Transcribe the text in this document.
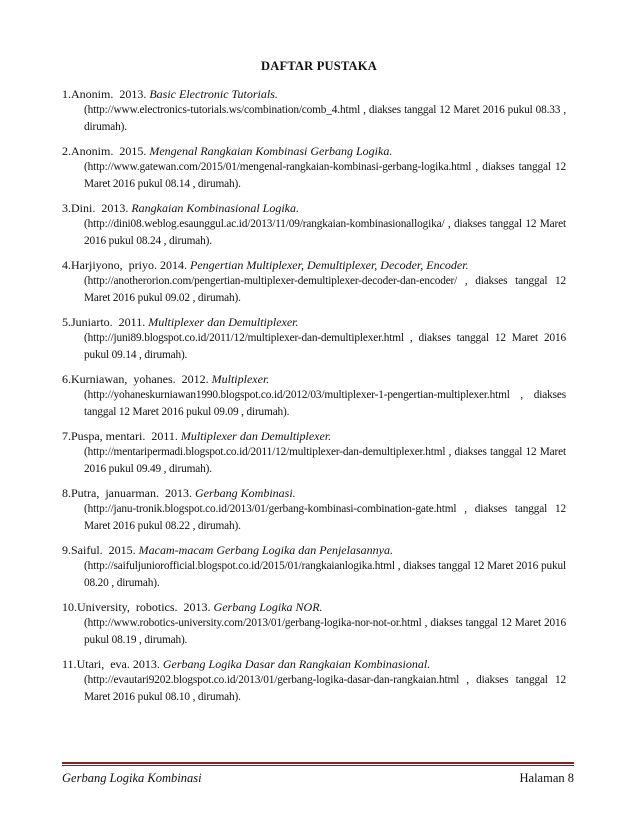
DAFTAR PUSTAKA
1.Anonim.  2013. Basic Electronic Tutorials.
(http://www.electronics-tutorials.ws/combination/comb_4.html , diakses tanggal 12 Maret 2016 pukul 08.33 , dirumah).
2.Anonim.  2015. Mengenal Rangkaian Kombinasi Gerbang Logika.
(http://www.gatewan.com/2015/01/mengenal-rangkaian-kombinasi-gerbang-logika.html , diakses tanggal 12 Maret 2016 pukul 08.14 , dirumah).
3.Dini.  2013. Rangkaian Kombinasional Logika.
(http://dini08.weblog.esaunggul.ac.id/2013/11/09/rangkaian-kombinasionallogika/ , diakses tanggal 12 Maret 2016 pukul 08.24 , dirumah).
4.Harjiyono,  priyo. 2014. Pengertian Multiplexer, Demultiplexer, Decoder, Encoder.
(http://anotherorion.com/pengertian-multiplexer-demultiplexer-decoder-dan-encoder/ , diakses tanggal 12 Maret 2016 pukul 09.02 , dirumah).
5.Juniarto.  2011. Multiplexer dan Demultiplexer.
(http://juni89.blogspot.co.id/2011/12/multiplexer-dan-demultiplexer.html , diakses tanggal 12 Maret 2016 pukul 09.14 , dirumah).
6.Kurniawan,  yohanes.  2012. Multiplexer.
(http://yohaneskurniawan1990.blogspot.co.id/2012/03/multiplexer-1-pengertian-multiplexer.html , diakses tanggal 12 Maret 2016 pukul 09.09 , dirumah).
7.Puspa, mentari.  2011. Multiplexer dan Demultiplexer.
(http://mentaripermadi.blogspot.co.id/2011/12/multiplexer-dan-demultiplexer.html , diakses tanggal 12 Maret 2016 pukul 09.49 , dirumah).
8.Putra,  januarman.  2013. Gerbang Kombinasi.
(http://janu-tronik.blogspot.co.id/2013/01/gerbang-kombinasi-combination-gate.html , diakses tanggal 12 Maret 2016 pukul 08.22 , dirumah).
9.Saiful.  2015. Macam-macam Gerbang Logika dan Penjelasannya.
(http://saifuljuniorofficial.blogspot.co.id/2015/01/rangkaianlogika.html , diakses tanggal 12 Maret 2016 pukul 08.20 , dirumah).
10.University,  robotics.  2013. Gerbang Logika NOR.
(http://www.robotics-university.com/2013/01/gerbang-logika-nor-not-or.html , diakses tanggal 12 Maret 2016 pukul 08.19 , dirumah).
11.Utari,  eva. 2013. Gerbang Logika Dasar dan Rangkaian Kombinasional.
(http://evautari9202.blogspot.co.id/2013/01/gerbang-logika-dasar-dan-rangkaian.html , diakses tanggal 12 Maret 2016 pukul 08.10 , dirumah).
Gerbang Logika Kombinasi	Halaman 8
